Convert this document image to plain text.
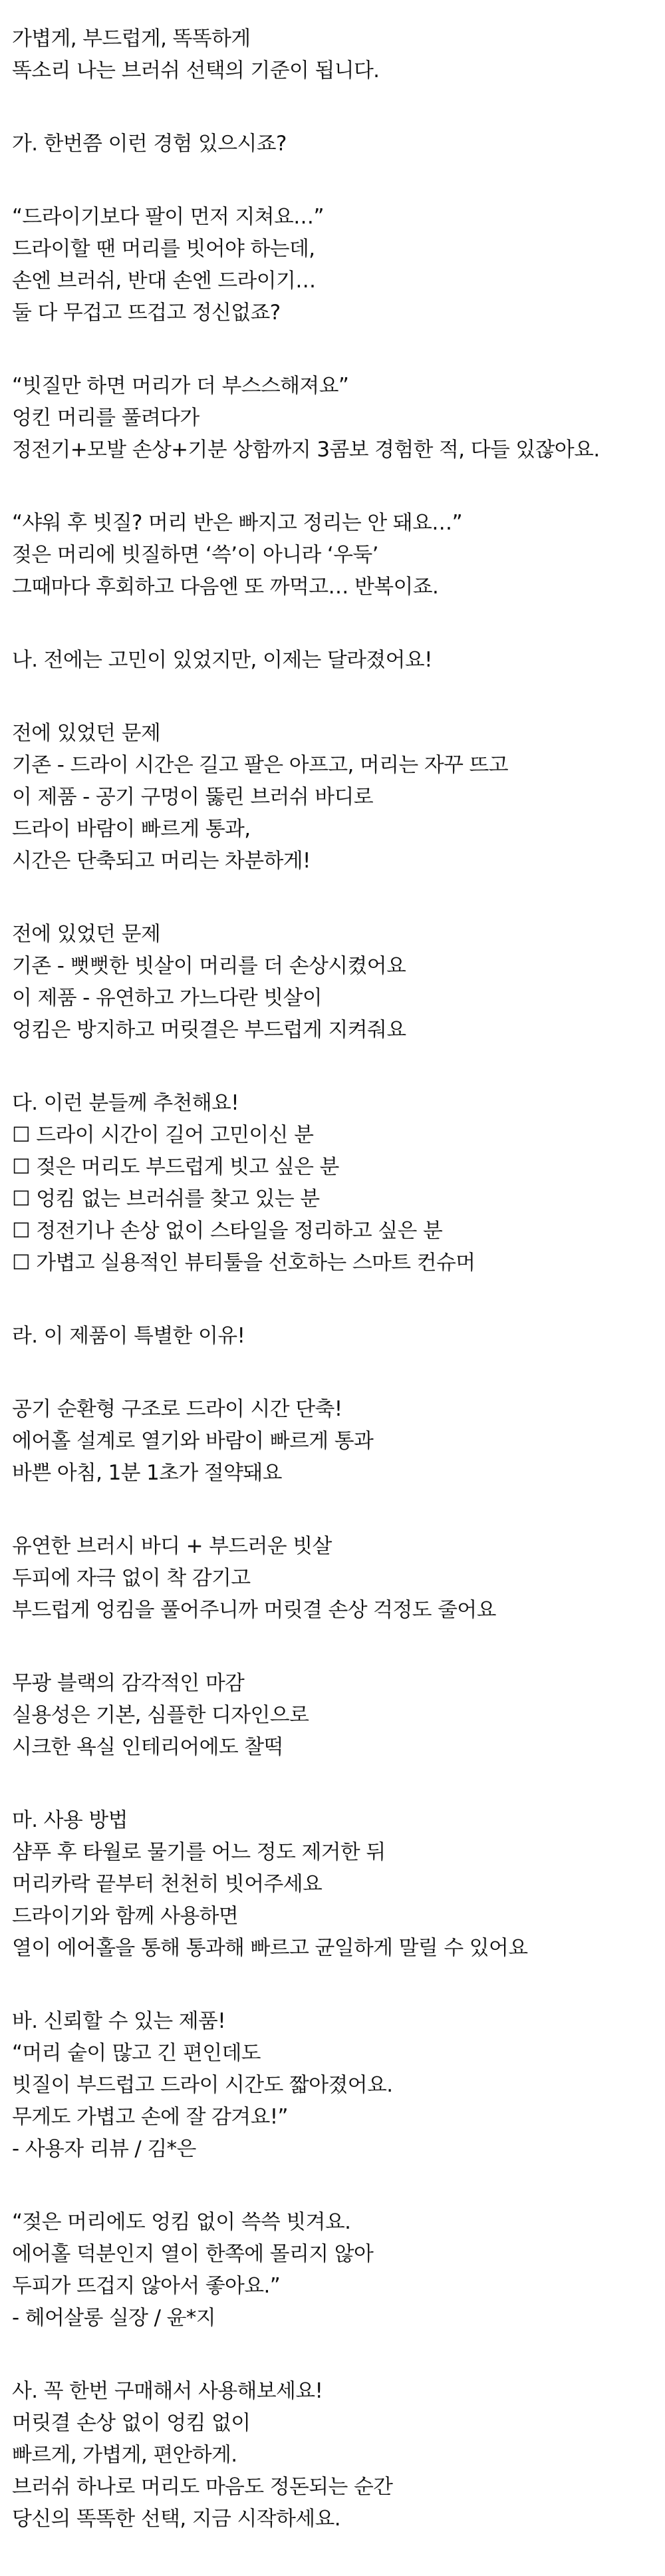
가볍게, 부드럽게, 똑똑하게
똑소리 나는 브러쉬 선택의 기준이 됩니다.
가. 한번쯤 이런 경험 있으시죠?
“드라이기보다 팔이 먼저 지쳐요…”
드라이할 땐 머리를 빗어야 하는데,
손엔 브러쉬, 반대 손엔 드라이기…
둘 다 무겁고 뜨겁고 정신없죠?
“빗질만 하면 머리가 더 부스스해져요”
엉킨 머리를 풀려다가
정전기+모발 손상+기분 상함까지 3콤보 경험한 적, 다들 있잖아요.
“샤워 후 빗질? 머리 반은 빠지고 정리는 안 돼요…”
젖은 머리에 빗질하면 ‘쓱’이 아니라 ‘우둑’
그때마다 후회하고 다음엔 또 까먹고… 반복이죠.
나. 전에는 고민이 있었지만, 이제는 달라졌어요!
전에 있었던 문제
기존 - 드라이 시간은 길고 팔은 아프고, 머리는 자꾸 뜨고
이 제품 - 공기 구멍이 뚫린 브러쉬 바디로
드라이 바람이 빠르게 통과,
시간은 단축되고 머리는 차분하게!
전에 있었던 문제
기존 - 뻣뻣한 빗살이 머리를 더 손상시켰어요
이 제품 - 유연하고 가느다란 빗살이
엉킴은 방지하고 머릿결은 부드럽게 지켜줘요
다. 이런 분들께 추천해요!
☐ 드라이 시간이 길어 고민이신 분
☐ 젖은 머리도 부드럽게 빗고 싶은 분
☐ 엉킴 없는 브러쉬를 찾고 있는 분
☐ 정전기나 손상 없이 스타일을 정리하고 싶은 분
☐ 가볍고 실용적인 뷰티툴을 선호하는 스마트 컨슈머
라. 이 제품이 특별한 이유!
공기 순환형 구조로 드라이 시간 단축!
에어홀 설계로 열기와 바람이 빠르게 통과
바쁜 아침, 1분 1초가 절약돼요
유연한 브러시 바디 + 부드러운 빗살
두피에 자극 없이 착 감기고
부드럽게 엉킴을 풀어주니까 머릿결 손상 걱정도 줄어요
무광 블랙의 감각적인 마감
실용성은 기본, 심플한 디자인으로
시크한 욕실 인테리어에도 찰떡
마. 사용 방법
샴푸 후 타월로 물기를 어느 정도 제거한 뒤
머리카락 끝부터 천천히 빗어주세요
드라이기와 함께 사용하면
열이 에어홀을 통해 통과해 빠르고 균일하게 말릴 수 있어요
바. 신뢰할 수 있는 제품!
“머리 숱이 많고 긴 편인데도
빗질이 부드럽고 드라이 시간도 짧아졌어요.
무게도 가볍고 손에 잘 감겨요!”
- 사용자 리뷰 / 김*은
“젖은 머리에도 엉킴 없이 쓱쓱 빗겨요.
에어홀 덕분인지 열이 한쪽에 몰리지 않아
두피가 뜨겁지 않아서 좋아요.”
- 헤어살롱 실장 / 윤*지
사. 꼭 한번 구매해서 사용해보세요!
머릿결 손상 없이 엉킴 없이
빠르게, 가볍게, 편안하게.
브러쉬 하나로 머리도 마음도 정돈되는 순간
당신의 똑똑한 선택, 지금 시작하세요.
